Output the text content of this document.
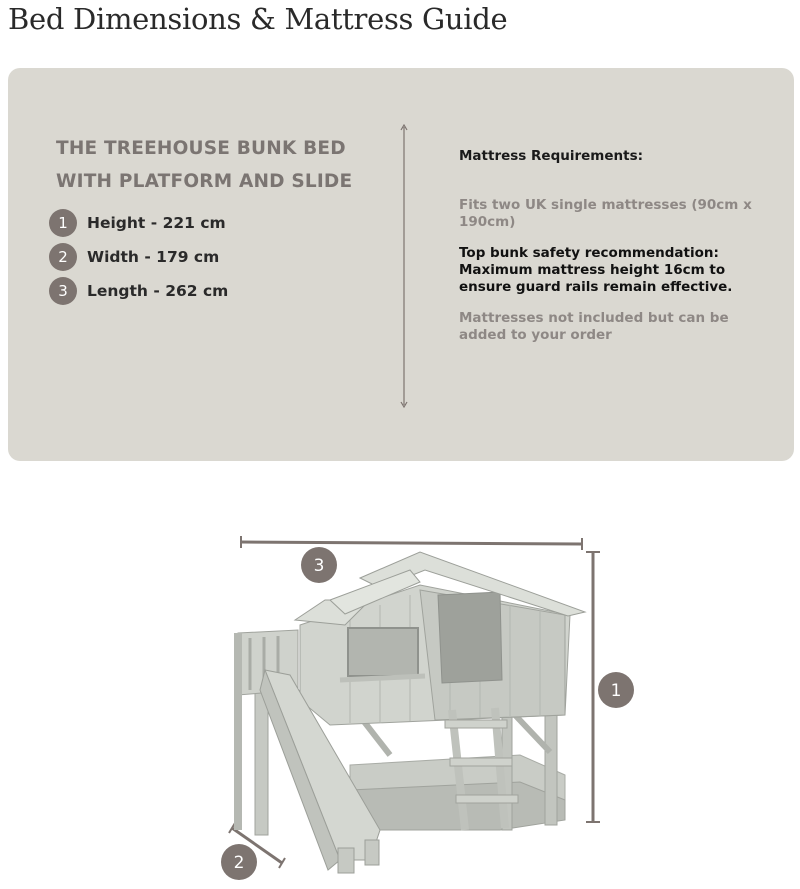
Bed Dimensions & Mattress Guide
THE TREEHOUSE BUNK BED WITH PLATFORM AND SLIDE
1	Height - 221 cm
2	Width - 179 cm
3	Length - 262 cm

Mattress Requirements:

Fits two UK single mattresses (90cm x 190cm)

Top bunk safety recommendation: Maximum mattress height 16cm to ensure guard rails remain effective.

Mattresses not included but can be added to your order

3
1
2
